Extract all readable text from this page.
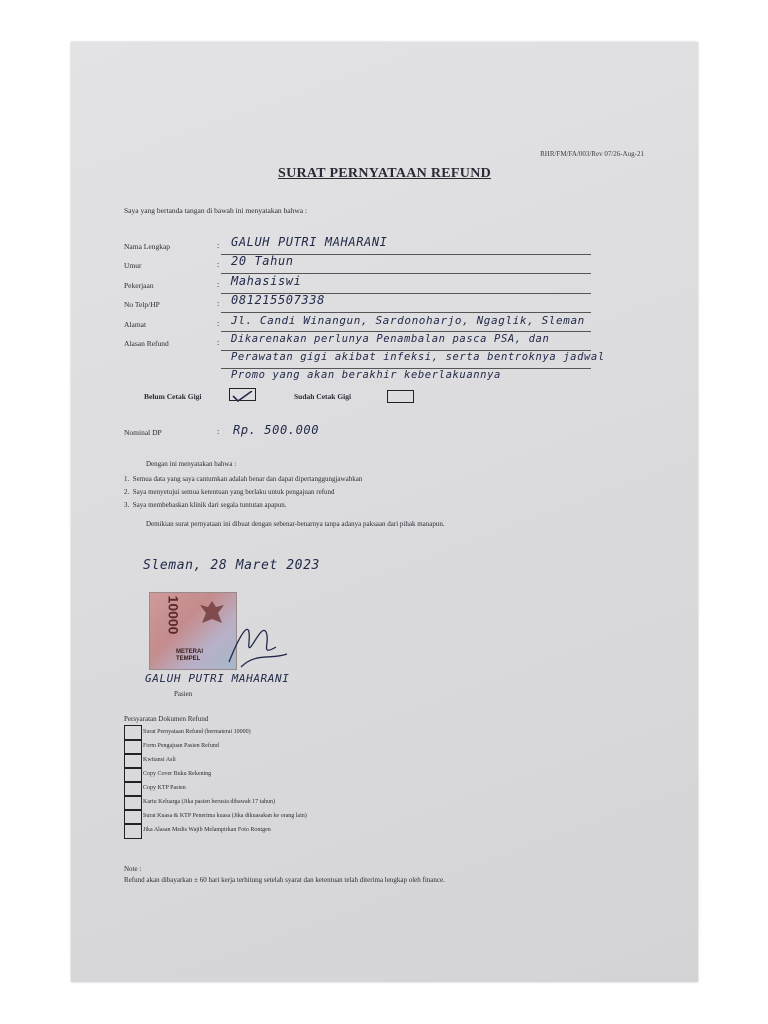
RHR/FM/FA/003/Rev 07/26-Aug-21
SURAT PERNYATAAN REFUND
Saya yang bertanda tangan di bawah ini menyatakan bahwa :
Nama Lengkap	: GALUH PUTRI MAHARANI
Umur	: 20 Tahun
Pekerjaan	: Mahasiswi
No Telp/HP	: 081215507338
Alamat	: Jl. Candi Winangun, Sardonoharjo, Ngaglik, Sleman
Alasan Refund	: Dikarenakan perlunya Penambalan pasca PSA, dan
Perawatan gigi akibat infeksi, serta bentroknya jadwal
Promo yang akan berakhir keberlakuannya
Belum Cetak Gigi	Sudah Cetak Gigi
Nominal DP	: Rp. 500.000
Dengan ini menyatakan bahwa :
1.  Semua data yang saya cantumkan adalah benar dan dapat dipertanggungjawabkan
2.  Saya menyetujui semua ketentuan yang berlaku untuk pengajuan refund
3.  Saya membebaskan klinik dari segala tuntutan apapun.
Demikian surat pernyataan ini dibuat dengan sebenar-benarnya tanpa adanya paksaan dari pihak manapun.
Sleman, 28 Maret 2023
10000
METERAI
TEMPEL
GALUH PUTRI MAHARANI
Pasien
Persyaratan Dokumen Refund
Surat Pernyataan Refund (bermaterai 10000)
Form Pengajuan Pasien Refund
Kwitansi Asli
Copy Cover Buku Rekening
Copy KTP Pasien
Kartu Keluarga (Jika pasien berusia dibawah 17 tahun)
Surat Kuasa & KTP Penerima kuasa (Jika dikuasakan ke orang lain)
Jika Alasan Medis Wajib Melampirkan Foto Rontgen
Note :
Refund akan dibayarkan ± 60 hari kerja terhitung setelah syarat dan ketentuan telah diterima lengkap oleh finance.
